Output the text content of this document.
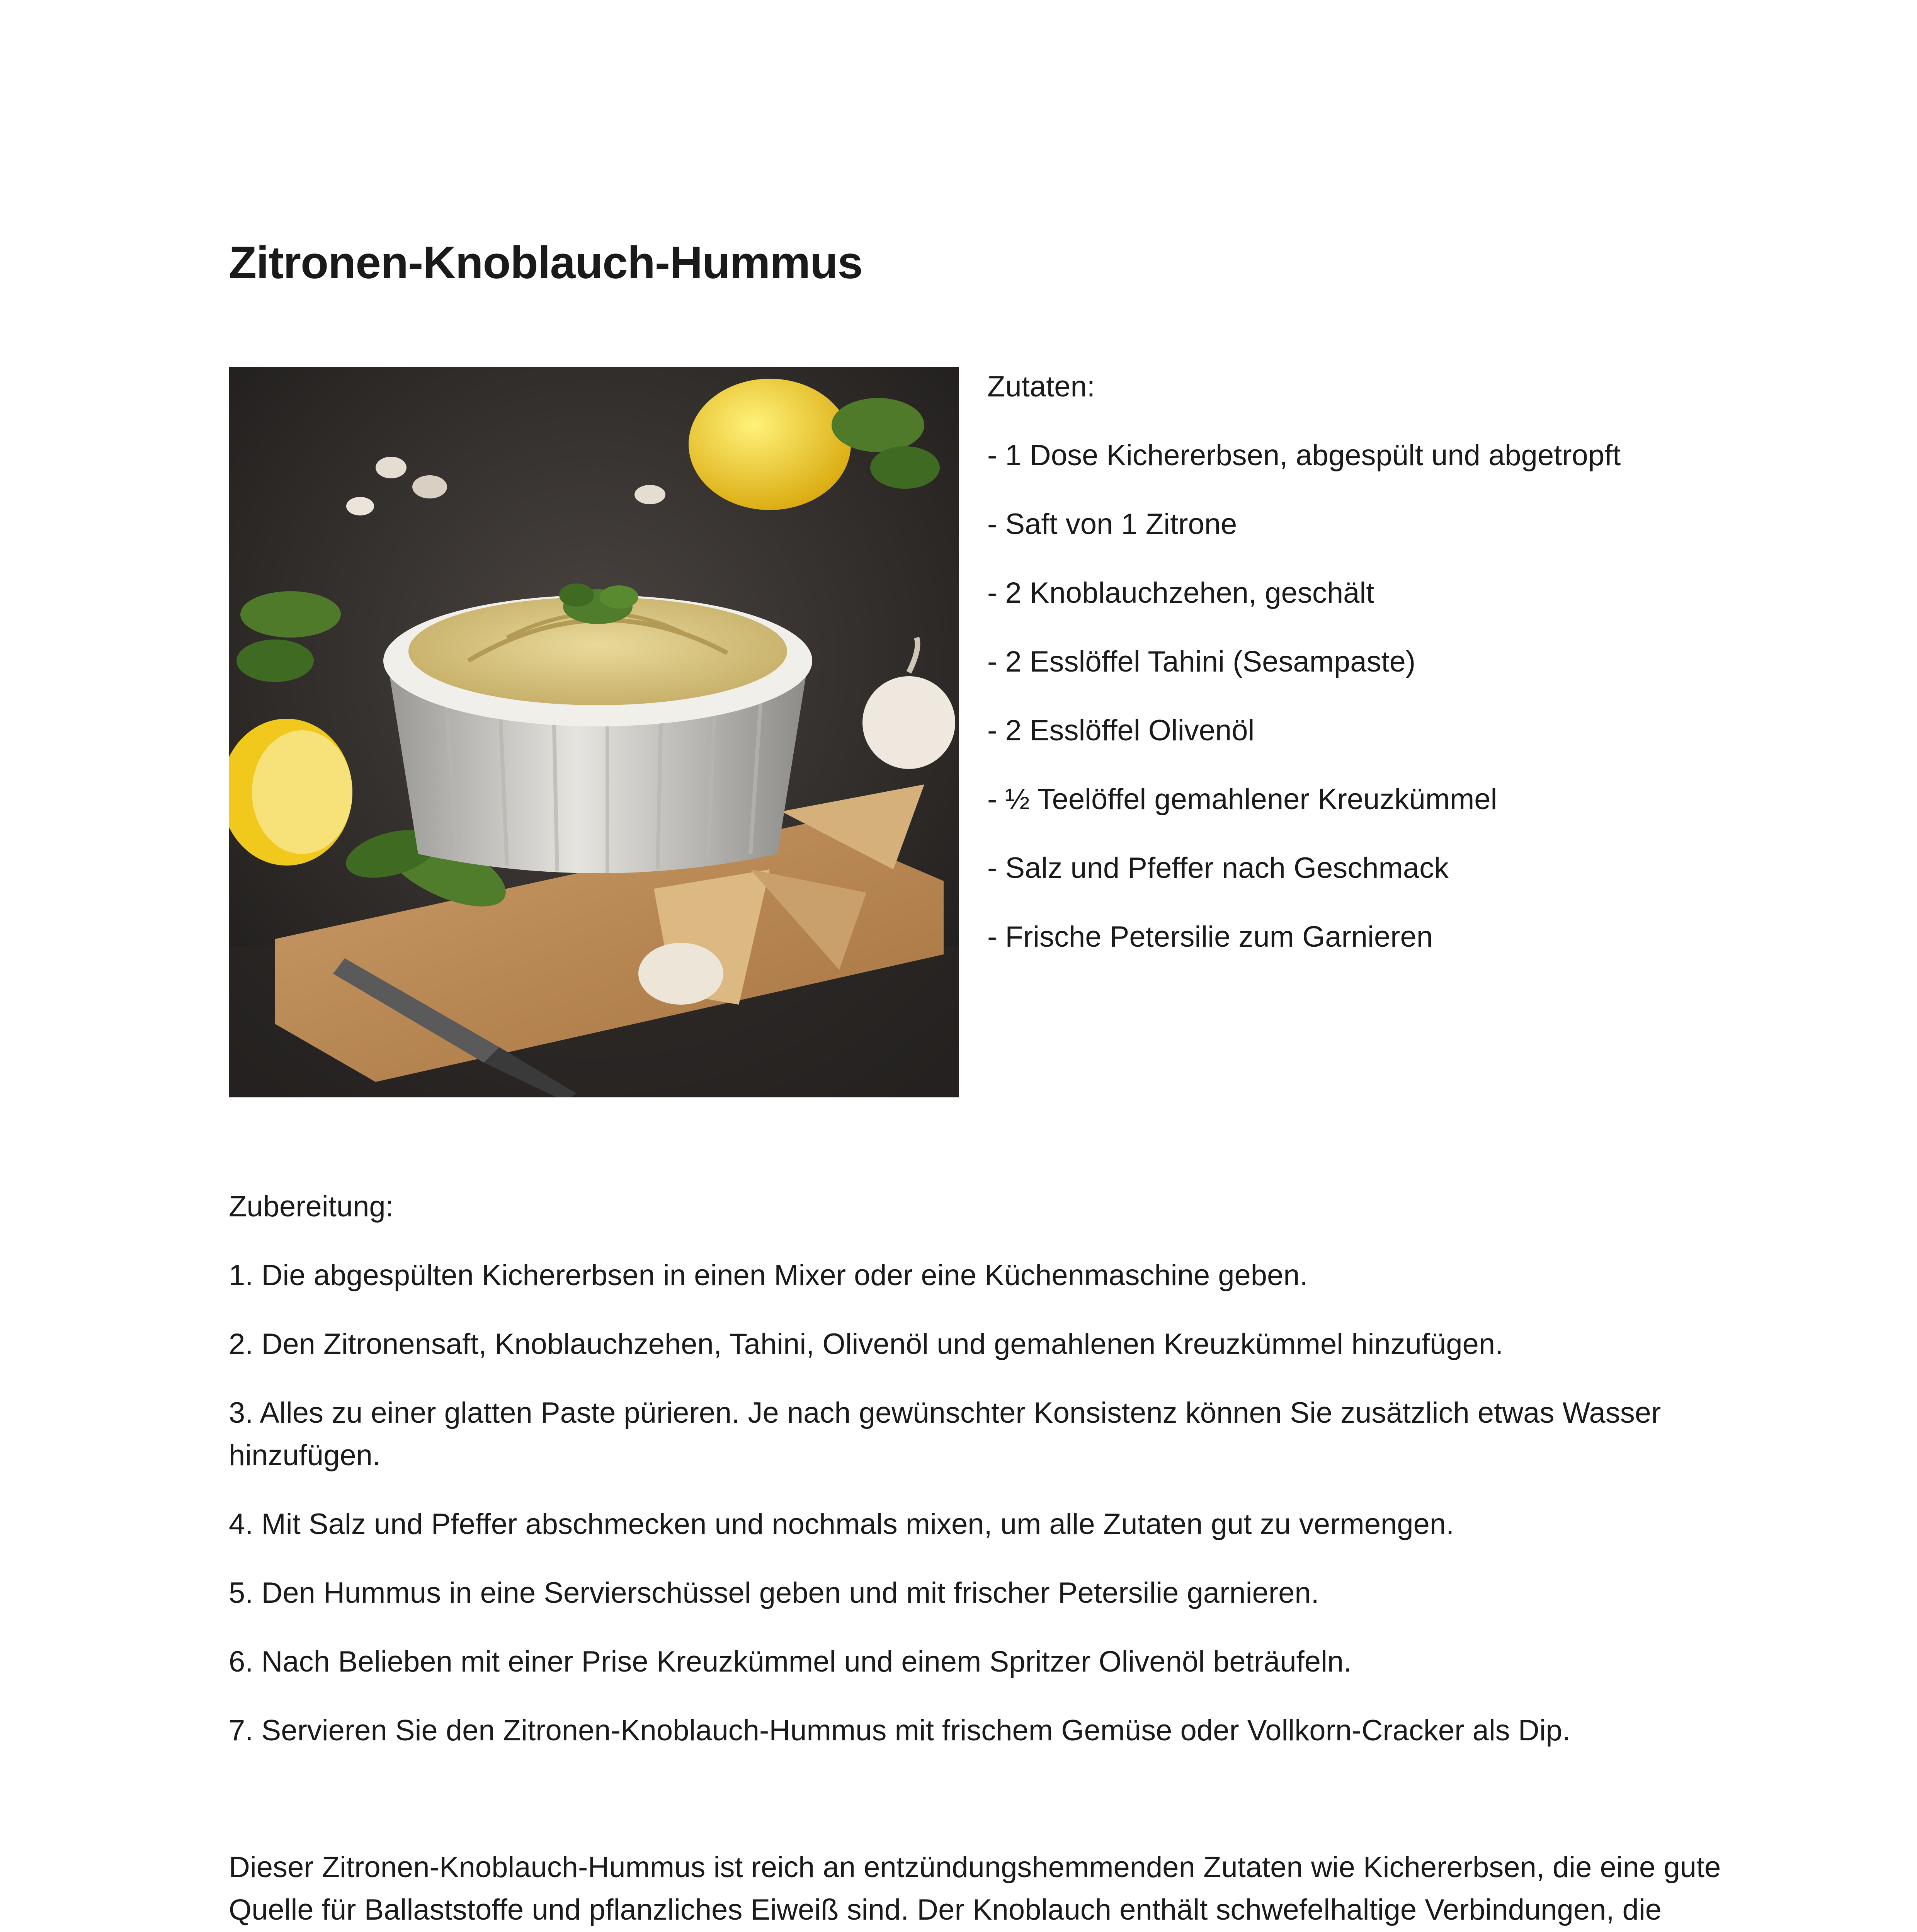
Zitronen-Knoblauch-Hummus

Zutaten:

- 1 Dose Kichererbsen, abgespült und abgetropft

- Saft von 1 Zitrone

- 2 Knoblauchzehen, geschält

- 2 Esslöffel Tahini (Sesampaste)

- 2 Esslöffel Olivenöl

- ½ Teelöffel gemahlener Kreuzkümmel

- Salz und Pfeffer nach Geschmack

- Frische Petersilie zum Garnieren

Zubereitung:

1. Die abgespülten Kichererbsen in einen Mixer oder eine Küchenmaschine geben.

2. Den Zitronensaft, Knoblauchzehen, Tahini, Olivenöl und gemahlenen Kreuzkümmel hinzufügen.

3. Alles zu einer glatten Paste pürieren. Je nach gewünschter Konsistenz können Sie zusätzlich etwas Wasser hinzufügen.

4. Mit Salz und Pfeffer abschmecken und nochmals mixen, um alle Zutaten gut zu vermengen.

5. Den Hummus in eine Servierschüssel geben und mit frischer Petersilie garnieren.

6. Nach Belieben mit einer Prise Kreuzkümmel und einem Spritzer Olivenöl beträufeln.

7. Servieren Sie den Zitronen-Knoblauch-Hummus mit frischem Gemüse oder Vollkorn-Cracker als Dip.

Dieser Zitronen-Knoblauch-Hummus ist reich an entzündungshemmenden Zutaten wie Kichererbsen, die eine gute Quelle für Ballaststoffe und pflanzliches Eiweiß sind. Der Knoblauch enthält schwefelhaltige Verbindungen, die
